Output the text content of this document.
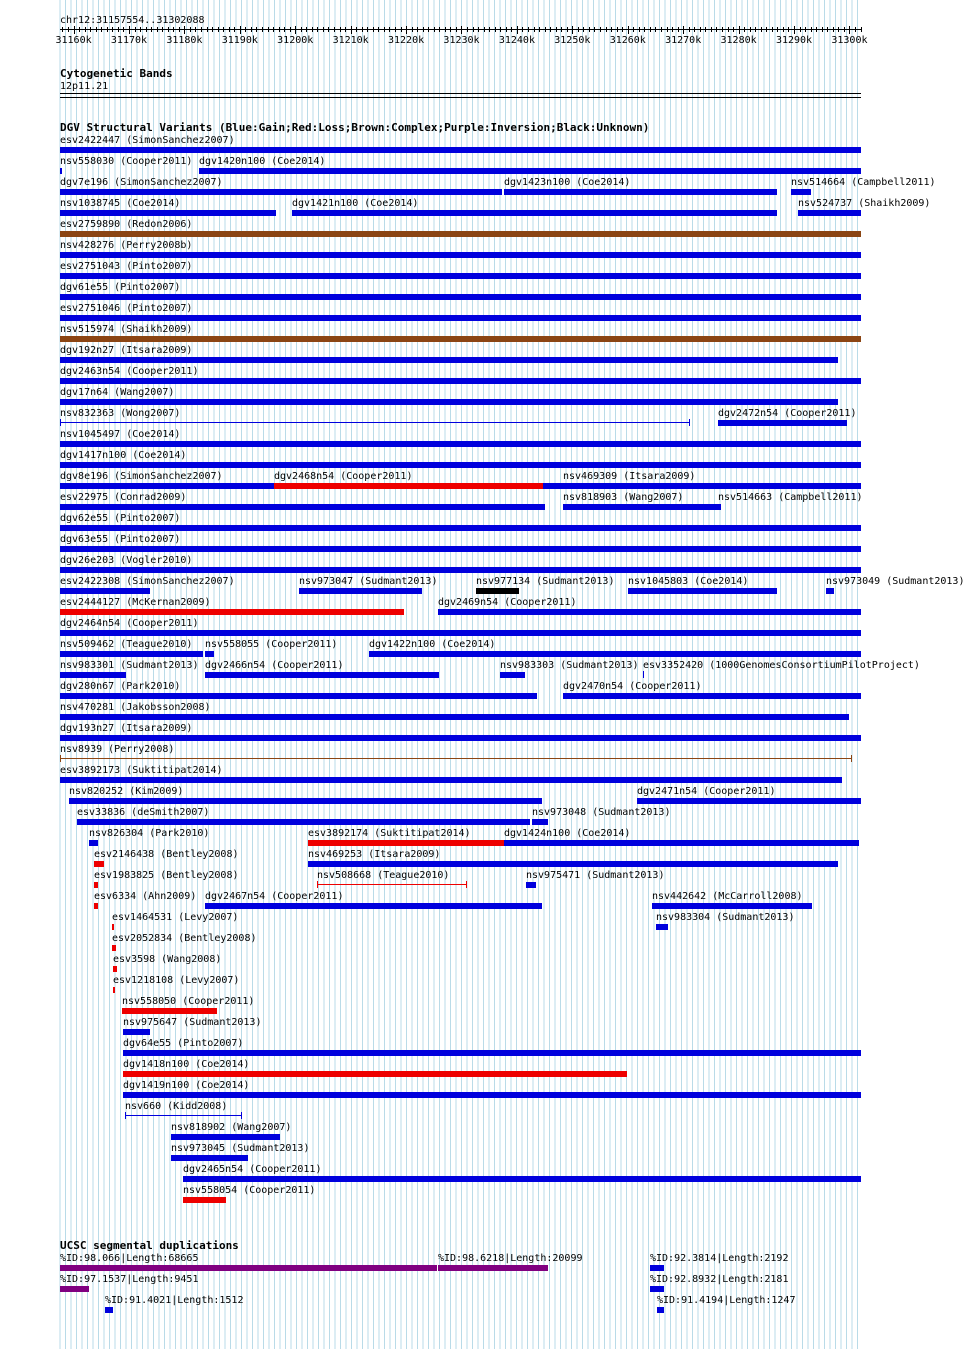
chr12:31157554..31302088
31160k 31170k 31180k 31190k 31200k 31210k 31220k 31230k 31240k 31250k 31260k 31270k 31280k 31290k 31300k
Cytogenetic Bands
12p11.21
DGV Structural Variants (Blue:Gain;Red:Loss;Brown:Complex;Purple:Inversion;Black:Unknown)
esv2422447 (SimonSanchez2007)
nsv558030 (Cooper2011) dgv1420n100 (Coe2014)
dgv7e196 (SimonSanchez2007)	dgv1423n100 (Coe2014)	nsv514664 (Campbell2011)
nsv1038745 (Coe2014)	dgv1421n100 (Coe2014)	nsv524737 (Shaikh2009)
esv2759890 (Redon2006)
nsv428276 (Perry2008b)
esv2751043 (Pinto2007)
dgv61e55 (Pinto2007)
esv2751046 (Pinto2007)
nsv515974 (Shaikh2009)
dgv192n27 (Itsara2009)
dgv2463n54 (Cooper2011)
dgv17n64 (Wang2007)
nsv832363 (Wong2007)	dgv2472n54 (Cooper2011)
nsv1045497 (Coe2014)
dgv1417n100 (Coe2014)
dgv8e196 (SimonSanchez2007)	dgv2468n54 (Cooper2011)	nsv469309 (Itsara2009)
esv22975 (Conrad2009)	nsv818903 (Wang2007)	nsv514663 (Campbell2011)
dgv62e55 (Pinto2007)
dgv63e55 (Pinto2007)
dgv26e203 (Vogler2010)
esv2422308 (SimonSanchez2007)	nsv973047 (Sudmant2013)	nsv977134 (Sudmant2013) nsv1045803 (Coe2014)	nsv973049 (Sudmant2013)
esv2444127 (McKernan2009)	dgv2469n54 (Cooper2011)
dgv2464n54 (Cooper2011)
nsv509462 (Teague2010) nsv558055 (Cooper2011)	dgv1422n100 (Coe2014)
nsv983301 (Sudmant2013) dgv2466n54 (Cooper2011)	nsv983303 (Sudmant2013) esv3352420 (1000GenomesConsortiumPilotProject)
dgv280n67 (Park2010)	dgv2470n54 (Cooper2011)
nsv470281 (Jakobsson2008)
dgv193n27 (Itsara2009)
nsv8939 (Perry2008)
esv3892173 (Suktitipat2014)
nsv820252 (Kim2009)	dgv2471n54 (Cooper2011)
esv33836 (deSmith2007)	nsv973048 (Sudmant2013)
nsv826304 (Park2010)	esv3892174 (Suktitipat2014)	dgv1424n100 (Coe2014)
esv2146438 (Bentley2008)	nsv469253 (Itsara2009)
esv1983825 (Bentley2008)	nsv508668 (Teague2010)	nsv975471 (Sudmant2013)
esv6334 (Ahn2009) dgv2467n54 (Cooper2011)	nsv442642 (McCarroll2008)
esv1464531 (Levy2007)	nsv983304 (Sudmant2013)
esv2052834 (Bentley2008)
esv3598 (Wang2008)
esv1218108 (Levy2007)
nsv558050 (Cooper2011)
nsv975647 (Sudmant2013)
dgv64e55 (Pinto2007)
dgv1418n100 (Coe2014)
dgv1419n100 (Coe2014)
nsv660 (Kidd2008)
nsv818902 (Wang2007)
nsv973045 (Sudmant2013)
dgv2465n54 (Cooper2011)
nsv558054 (Cooper2011)
UCSC segmental duplications
%ID:98.066|Length:68665	%ID:98.6218|Length:20099	%ID:92.3814|Length:2192
%ID:97.1537|Length:9451	%ID:92.8932|Length:2181
%ID:91.4021|Length:1512	%ID:91.4194|Length:1247
